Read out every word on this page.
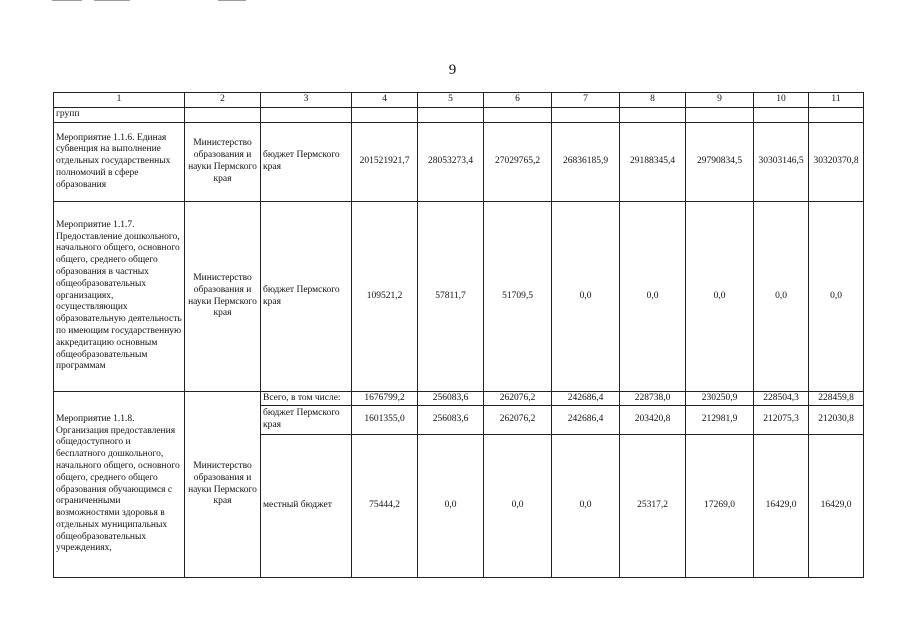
9
1	2	3	4	5	6	7	8	9	10	11
групп										
Мероприятие 1.1.6. Единая субвенция на выполнение отдельных государственных полномочий в сфере образования	Министерство образования и науки Пермского края	бюджет Пермского края	201521921,7	28053273,4	27029765,2	26836185,9	29188345,4	29790834,5	30303146,5	30320370,8
Мероприятие 1.1.7. Предоставление дошкольного, начального общего, основного общего, среднего общего образования в частных общеобразовательных организациях, осуществляющих образовательную деятельность по имеющим государственную аккредитацию основным общеобразовательным программам	Министерство образования и науки Пермского края	бюджет Пермского края	109521,2	57811,7	51709,5	0,0	0,0	0,0	0,0	0,0
Мероприятие 1.1.8. Организация предоставления общедоступного и бесплатного дошкольного, начального общего, основного общего, среднего общего образования обучающимся с ограниченными возможностями здоровья в отдельных муниципальных общеобразовательных учреждениях,	Министерство образования и науки Пермского края	Всего, в том числе:	1676799,2	256083,6	262076,2	242686,4	228738,0	230250,9	228504,3	228459,8
		бюджет Пермского края	1601355,0	256083,6	262076,2	242686,4	203420,8	212981,9	212075,3	212030,8
		местный бюджет	75444,2	0,0	0,0	0,0	25317,2	17269,0	16429,0	16429,0
